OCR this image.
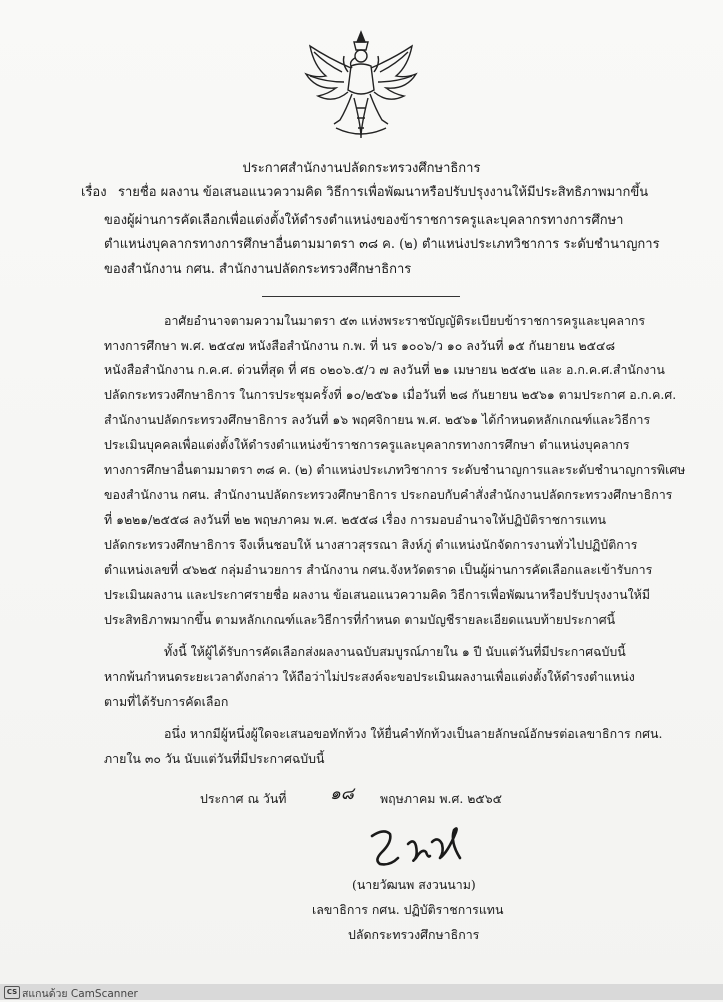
ประกาศสำนักงานปลัดกระทรวงศึกษาธิการ
เรื่อง รายชื่อ ผลงาน ข้อเสนอแนวความคิด วิธีการเพื่อพัฒนาหรือปรับปรุงงานให้มีประสิทธิภาพมากขึ้น
ของผู้ผ่านการคัดเลือกเพื่อแต่งตั้งให้ดำรงตำแหน่งของข้าราชการครูและบุคลากรทางการศึกษา
ตำแหน่งบุคลากรทางการศึกษาอื่นตามมาตรา ๓๘ ค. (๒) ตำแหน่งประเภทวิชาการ ระดับชำนาญการ
ของสำนักงาน กศน. สำนักงานปลัดกระทรวงศึกษาธิการ
อาศัยอำนาจตามความในมาตรา ๕๓ แห่งพระราชบัญญัติระเบียบข้าราชการครูและบุคลากร
ทางการศึกษา พ.ศ. ๒๕๔๗ หนังสือสำนักงาน ก.พ. ที่ นร ๑๐๐๖/ว ๑๐ ลงวันที่ ๑๕ กันยายน ๒๕๔๘
หนังสือสำนักงาน ก.ค.ศ. ด่วนที่สุด ที่ ศธ ๐๒๐๖.๕/ว ๗ ลงวันที่ ๒๑ เมษายน ๒๕๕๒ และ อ.ก.ค.ศ.สำนักงาน
ปลัดกระทรวงศึกษาธิการ ในการประชุมครั้งที่ ๑๐/๒๕๖๑ เมื่อวันที่ ๒๘ กันยายน ๒๕๖๑ ตามประกาศ อ.ก.ค.ศ.
สำนักงานปลัดกระทรวงศึกษาธิการ ลงวันที่ ๑๖ พฤศจิกายน พ.ศ. ๒๕๖๑ ได้กำหนดหลักเกณฑ์และวิธีการ
ประเมินบุคคลเพื่อแต่งตั้งให้ดำรงตำแหน่งข้าราชการครูและบุคลากรทางการศึกษา ตำแหน่งบุคลากร
ทางการศึกษาอื่นตามมาตรา ๓๘ ค. (๒) ตำแหน่งประเภทวิชาการ ระดับชำนาญการและระดับชำนาญการพิเศษ
ของสำนักงาน กศน. สำนักงานปลัดกระทรวงศึกษาธิการ ประกอบกับคำสั่งสำนักงานปลัดกระทรวงศึกษาธิการ
ที่ ๑๒๒๑/๒๕๕๘ ลงวันที่ ๒๒ พฤษภาคม พ.ศ. ๒๕๕๘ เรื่อง การมอบอำนาจให้ปฏิบัติราชการแทน
ปลัดกระทรวงศึกษาธิการ จึงเห็นชอบให้ นางสาวสุรรณา สิงห์ภู่ ตำแหน่งนักจัดการงานทั่วไปปฏิบัติการ
ตำแหน่งเลขที่ ๔๖๒๕ กลุ่มอำนวยการ สำนักงาน กศน.จังหวัดตราด เป็นผู้ผ่านการคัดเลือกและเข้ารับการ
ประเมินผลงาน และประกาศรายชื่อ ผลงาน ข้อเสนอแนวความคิด วิธีการเพื่อพัฒนาหรือปรับปรุงงานให้มี
ประสิทธิภาพมากขึ้น ตามหลักเกณฑ์และวิธีการที่กำหนด ตามบัญชีรายละเอียดแนบท้ายประกาศนี้
ทั้งนี้ ให้ผู้ได้รับการคัดเลือกส่งผลงานฉบับสมบูรณ์ภายใน ๑ ปี นับแต่วันที่มีประกาศฉบับนี้
หากพ้นกำหนดระยะเวลาดังกล่าว ให้ถือว่าไม่ประสงค์จะขอประเมินผลงานเพื่อแต่งตั้งให้ดำรงตำแหน่ง
ตามที่ได้รับการคัดเลือก
อนึ่ง หากมีผู้หนึ่งผู้ใดจะเสนอขอทักท้วง ให้ยื่นคำทักท้วงเป็นลายลักษณ์อักษรต่อเลขาธิการ กศน.
ภายใน ๓๐ วัน นับแต่วันที่มีประกาศฉบับนี้
ประกาศ ณ วันที่	๑๘ พฤษภาคม พ.ศ. ๒๕๖๕
(นายวัฒนพ สงวนนาม)
เลขาธิการ กศน. ปฏิบัติราชการแทน
ปลัดกระทรวงศึกษาธิการ
CS สแกนด้วย CamScanner
